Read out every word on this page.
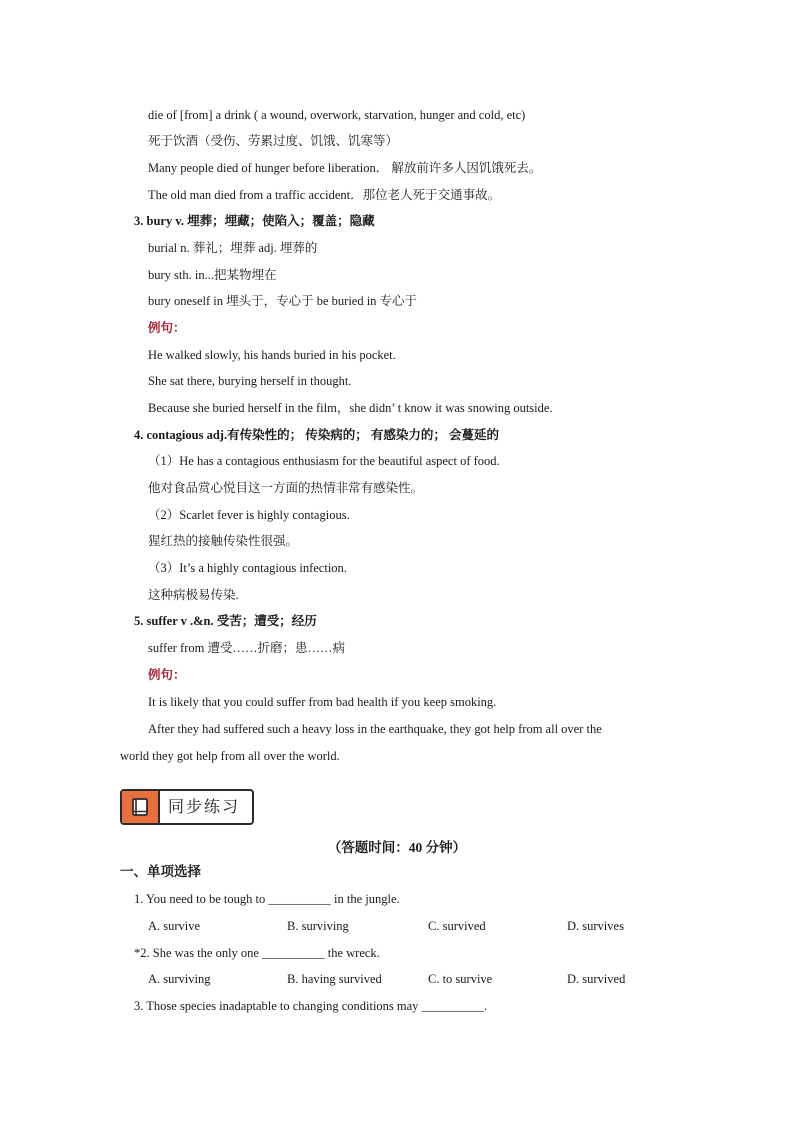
die of [from] a drink ( a wound, overwork, starvation, hunger and cold, etc)
死于饮酒（受伤、劳累过度、饥饿、饥寒等）
Many people died of hunger before liberation． 解放前许多人因饥饿死去。
The old man died from a traffic accident．那位老人死于交通事故。
3. bury v. 埋葬；埋藏；使陷入；覆盖；隐藏
burial n. 葬礼；埋葬 adj. 埋葬的
bury sth. in...把某物埋在
bury oneself in 埋头于，专心于 be buried in 专心于
例句：
He walked slowly, his hands buried in his pocket.
She sat there, burying herself in thought.
Because she buried herself in the film，she didn’ t know it was snowing outside.
4. contagious adj.有传染性的； 传染病的； 有感染力的； 会蔓延的
（1）He has a contagious enthusiasm for the beautiful aspect of food.
他对食品赏心悦目这一方面的热情非常有感染性。
（2）Scarlet fever is highly contagious.
猩红热的接触传染性很强。
（3）It’s a highly contagious infection.
这种病极易传染.
5. suffer v .&n. 受苦；遭受；经历
suffer from 遭受……折磨；患……病
例句：
It is likely that you could suffer from bad health if you keep smoking.
After they had suffered such a heavy loss in the earthquake, they got help from all over the
world they got help from all over the world.
同步练习
（答题时间：40 分钟）
一、单项选择
1. You need to be tough to __________ in the jungle.
A. survive	B. surviving	C. survived	D. survives
*2. She was the only one __________ the wreck.
A. surviving	B. having survived	C. to survive	D. survived
3. Those species inadaptable to changing conditions may __________.
